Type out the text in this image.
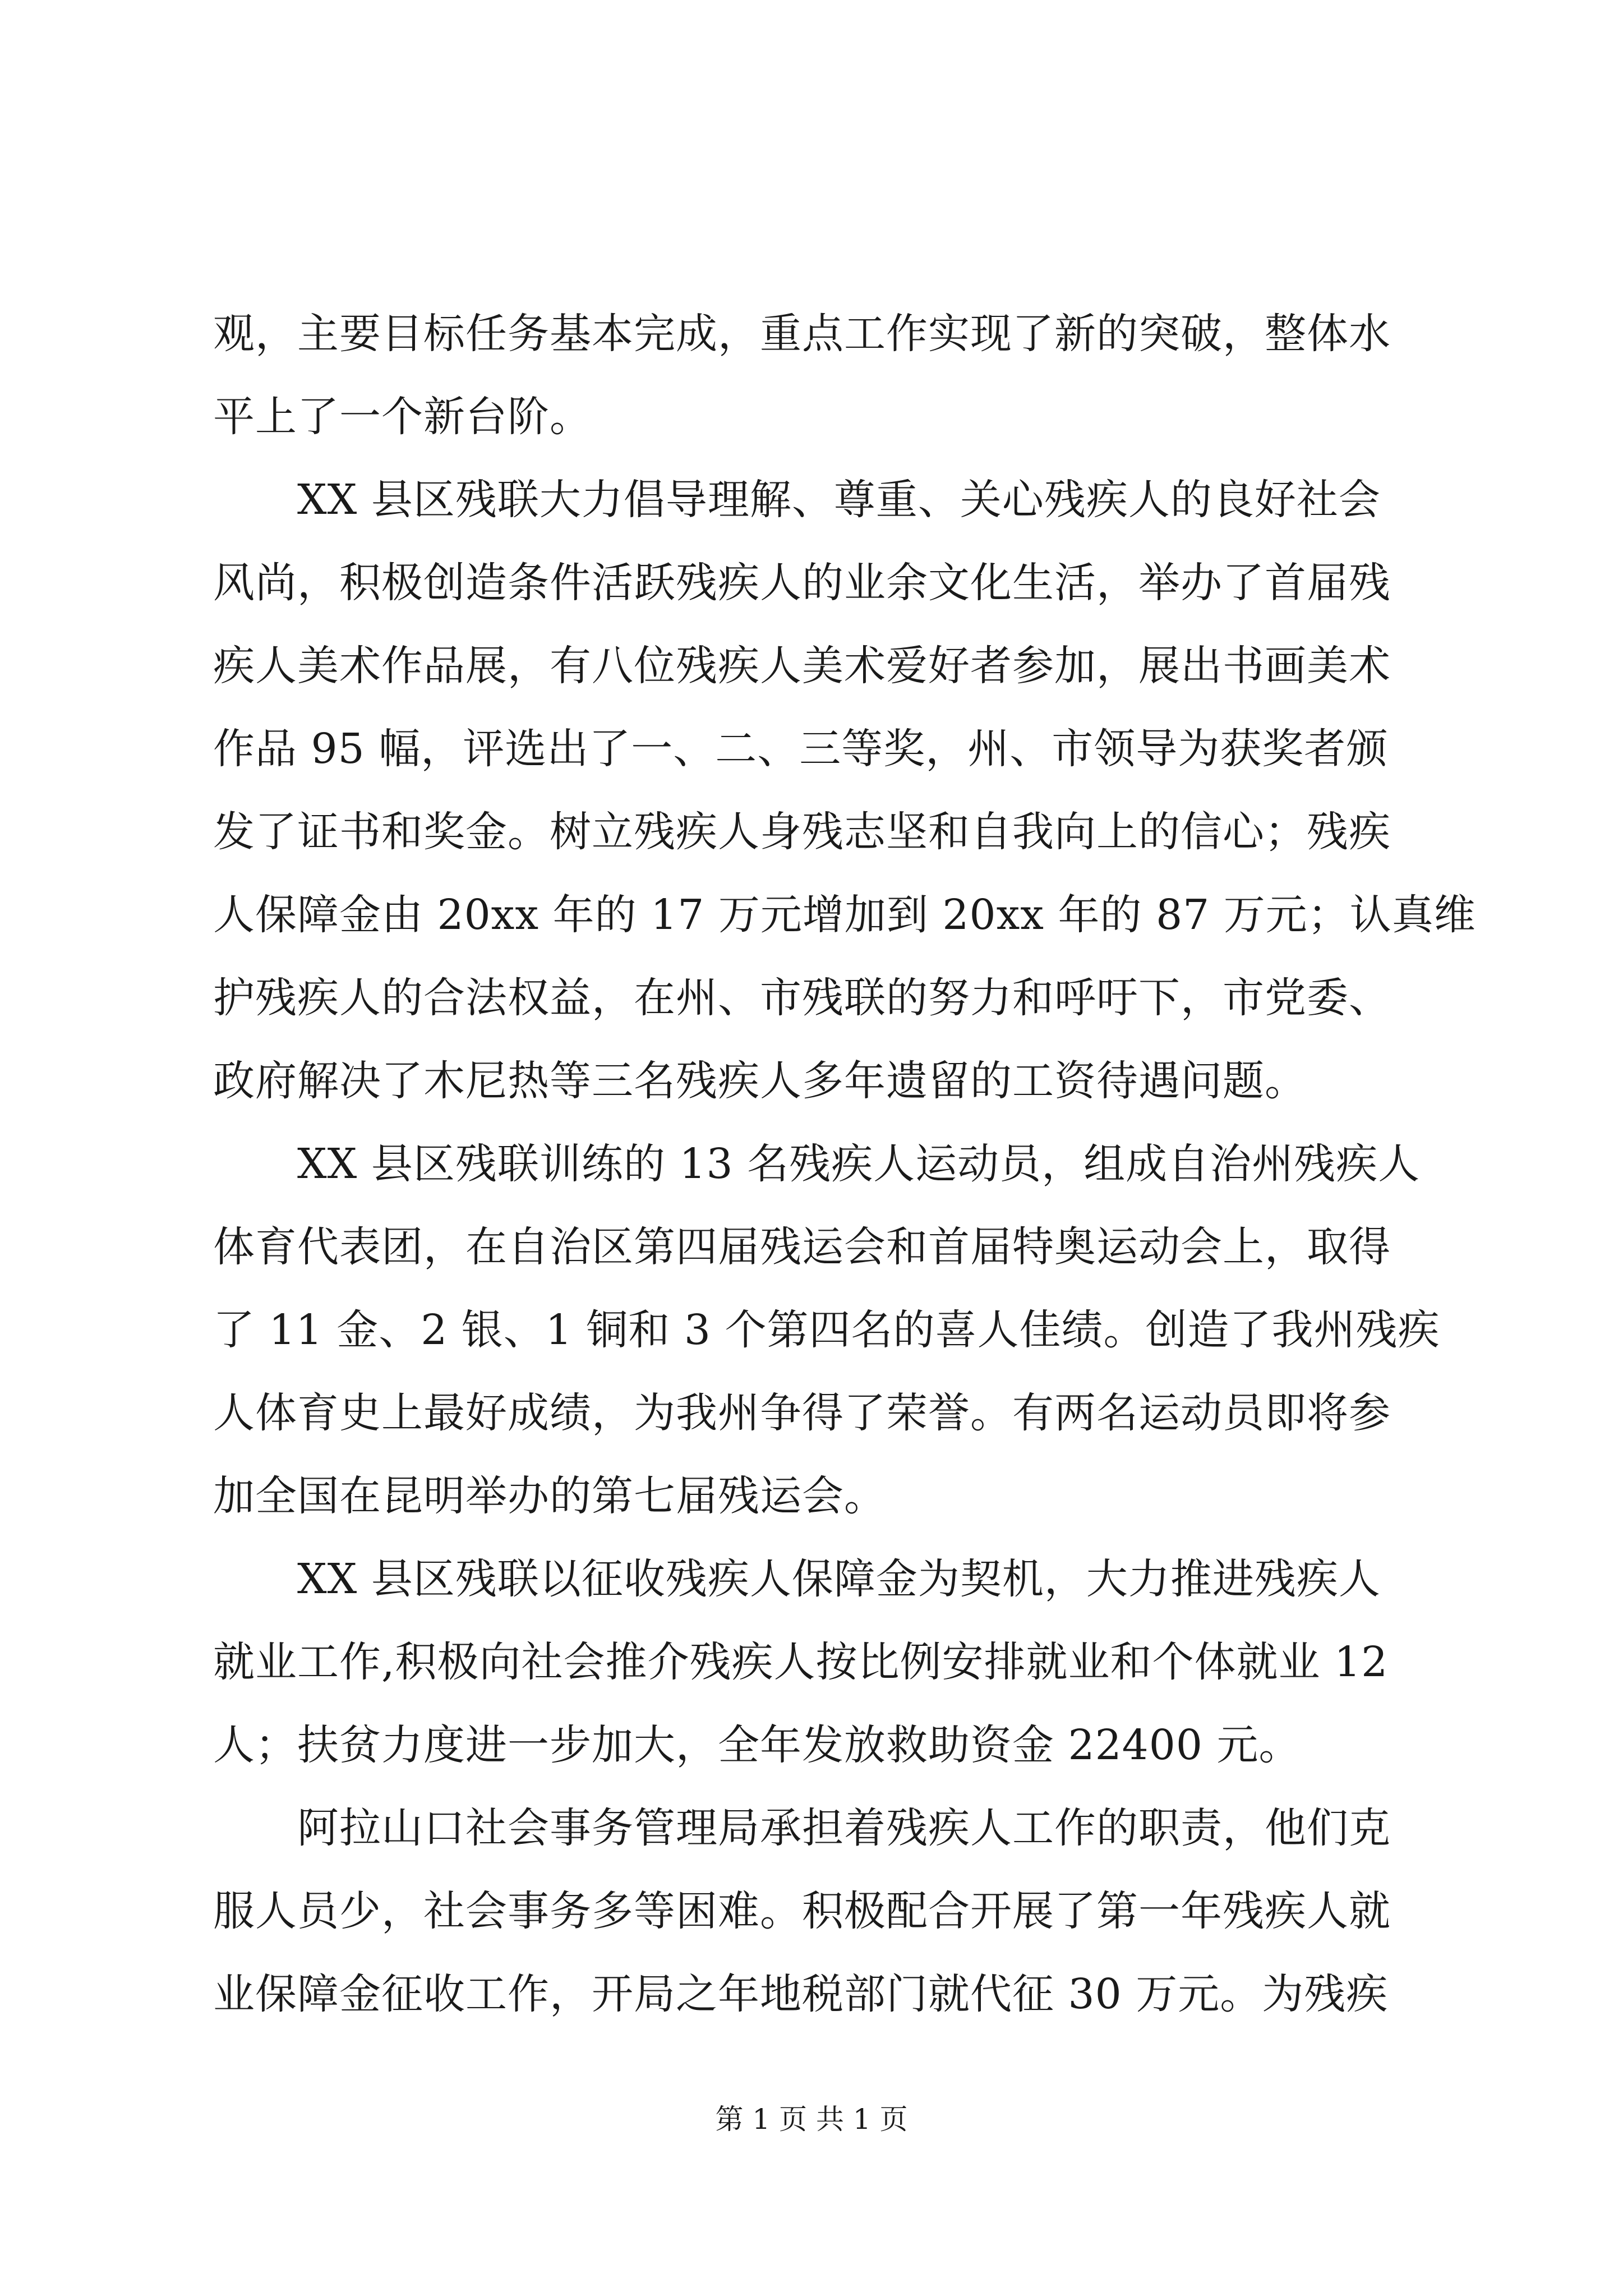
观，主要目标任务基本完成，重点工作实现了新的突破，整体水
平上了一个新台阶。
　　XX 县区残联大力倡导理解、尊重、关心残疾人的良好社会
风尚，积极创造条件活跃残疾人的业余文化生活，举办了首届残
疾人美术作品展，有八位残疾人美术爱好者参加，展出书画美术
作品 95 幅，评选出了一、二、三等奖，州、市领导为获奖者颁
发了证书和奖金。树立残疾人身残志坚和自我向上的信心；残疾
人保障金由 20xx 年的 17 万元增加到 20xx 年的 87 万元；认真维
护残疾人的合法权益，在州、市残联的努力和呼吁下，市党委、
政府解决了木尼热等三名残疾人多年遗留的工资待遇问题。
　　XX 县区残联训练的 13 名残疾人运动员，组成自治州残疾人
体育代表团，在自治区第四届残运会和首届特奥运动会上，取得
了 11 金、2 银、1 铜和 3 个第四名的喜人佳绩。创造了我州残疾
人体育史上最好成绩，为我州争得了荣誉。有两名运动员即将参
加全国在昆明举办的第七届残运会。
　　XX 县区残联以征收残疾人保障金为契机，大力推进残疾人
就业工作,积极向社会推介残疾人按比例安排就业和个体就业 12
人；扶贫力度进一步加大，全年发放救助资金 22400 元。
　　阿拉山口社会事务管理局承担着残疾人工作的职责，他们克
服人员少，社会事务多等困难。积极配合开展了第一年残疾人就
业保障金征收工作，开局之年地税部门就代征 30 万元。为残疾
第 1 页 共 1 页
